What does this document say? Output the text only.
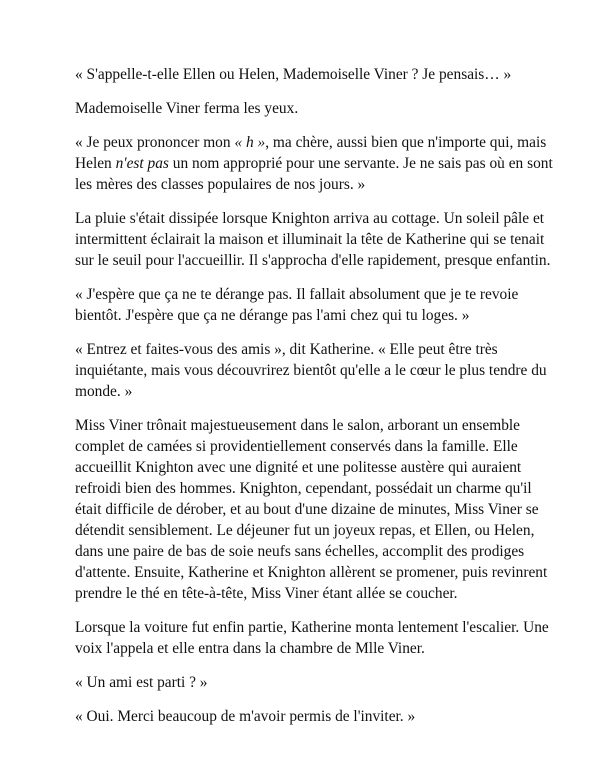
« S'appelle-t-elle Ellen ou Helen, Mademoiselle Viner ? Je pensais… »

Mademoiselle Viner ferma les yeux.

« Je peux prononcer mon « h », ma chère, aussi bien que n'importe qui, mais Helen n'est pas un nom approprié pour une servante. Je ne sais pas où en sont les mères des classes populaires de nos jours. »

La pluie s'était dissipée lorsque Knighton arriva au cottage. Un soleil pâle et intermittent éclairait la maison et illuminait la tête de Katherine qui se tenait sur le seuil pour l'accueillir. Il s'approcha d'elle rapidement, presque enfantin.

« J'espère que ça ne te dérange pas. Il fallait absolument que je te revoie bientôt. J'espère que ça ne dérange pas l'ami chez qui tu loges. »

« Entrez et faites-vous des amis », dit Katherine. « Elle peut être très inquiétante, mais vous découvrirez bientôt qu'elle a le cœur le plus tendre du monde. »

Miss Viner trônait majestueusement dans le salon, arborant un ensemble complet de camées si providentiellement conservés dans la famille. Elle accueillit Knighton avec une dignité et une politesse austère qui auraient refroidi bien des hommes. Knighton, cependant, possédait un charme qu'il était difficile de dérober, et au bout d'une dizaine de minutes, Miss Viner se détendit sensiblement. Le déjeuner fut un joyeux repas, et Ellen, ou Helen, dans une paire de bas de soie neufs sans échelles, accomplit des prodiges d'attente. Ensuite, Katherine et Knighton allèrent se promener, puis revinrent prendre le thé en tête-à-tête, Miss Viner étant allée se coucher.

Lorsque la voiture fut enfin partie, Katherine monta lentement l'escalier. Une voix l'appela et elle entra dans la chambre de Mlle Viner.

« Un ami est parti ? »

« Oui. Merci beaucoup de m'avoir permis de l'inviter. »
